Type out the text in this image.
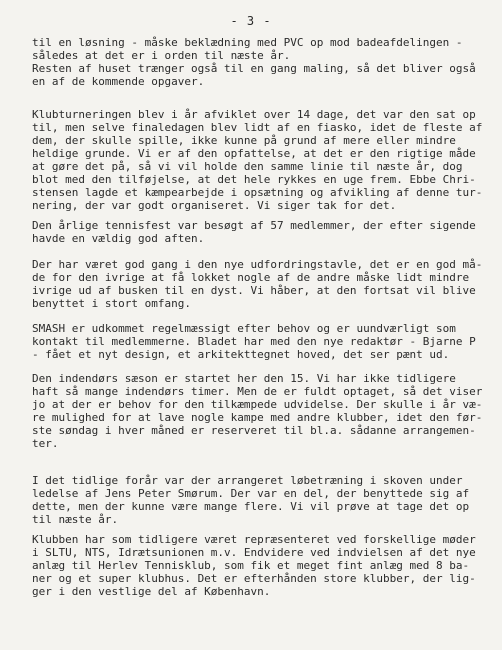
- 3 -
til en løsning - måske beklædning med PVC op mod badeafdelingen -
således at det er i orden til næste år.
Resten af huset trænger også til en gang maling, så det bliver også
en af de kommende opgaver.
Klubturneringen blev i år afviklet over 14 dage, det var den sat op
til, men selve finaledagen blev lidt af en fiasko, idet de fleste af
dem, der skulle spille, ikke kunne på grund af mere eller mindre
heldige grunde. Vi er af den opfattelse, at det er den rigtige måde
at gøre det på, så vi vil holde den samme linie til næste år, dog
blot med den tilføjelse, at det hele rykkes en uge frem. Ebbe Chri-
stensen lagde et kæmpearbejde i opsætning og afvikling af denne tur-
nering, der var godt organiseret. Vi siger tak for det.
Den årlige tennisfest var besøgt af 57 medlemmer, der efter sigende
havde en vældig god aften.
Der har været god gang i den nye udfordringstavle, det er en god må-
de for den ivrige at få lokket nogle af de andre måske lidt mindre
ivrige ud af busken til en dyst. Vi håber, at den fortsat vil blive
benyttet i stort omfang.
SMASH er udkommet regelmæssigt efter behov og er uundværligt som
kontakt til medlemmerne. Bladet har med den nye redaktør - Bjarne P
- fået et nyt design, et arkitekttegnet hoved, det ser pænt ud.
Den indendørs sæson er startet her den 15. Vi har ikke tidligere
haft så mange indendørs timer. Men de er fuldt optaget, så det viser
jo at der er behov for den tilkæmpede udvidelse. Der skulle i år væ-
re mulighed for at lave nogle kampe med andre klubber, idet den før-
ste søndag i hver måned er reserveret til bl.a. sådanne arrangemen-
ter.
I det tidlige forår var der arrangeret løbetræning i skoven under
ledelse af Jens Peter Smørum. Der var en del, der benyttede sig af
dette, men der kunne være mange flere. Vi vil prøve at tage det op
til næste år.
Klubben har som tidligere været repræsenteret ved forskellige møder
i SLTU, NTS, Idrætsunionen m.v. Endvidere ved indvielsen af det nye
anlæg til Herlev Tennisklub, som fik et meget fint anlæg med 8 ba-
ner og et super klubhus. Det er efterhånden store klubber, der lig-
ger i den vestlige del af København.
